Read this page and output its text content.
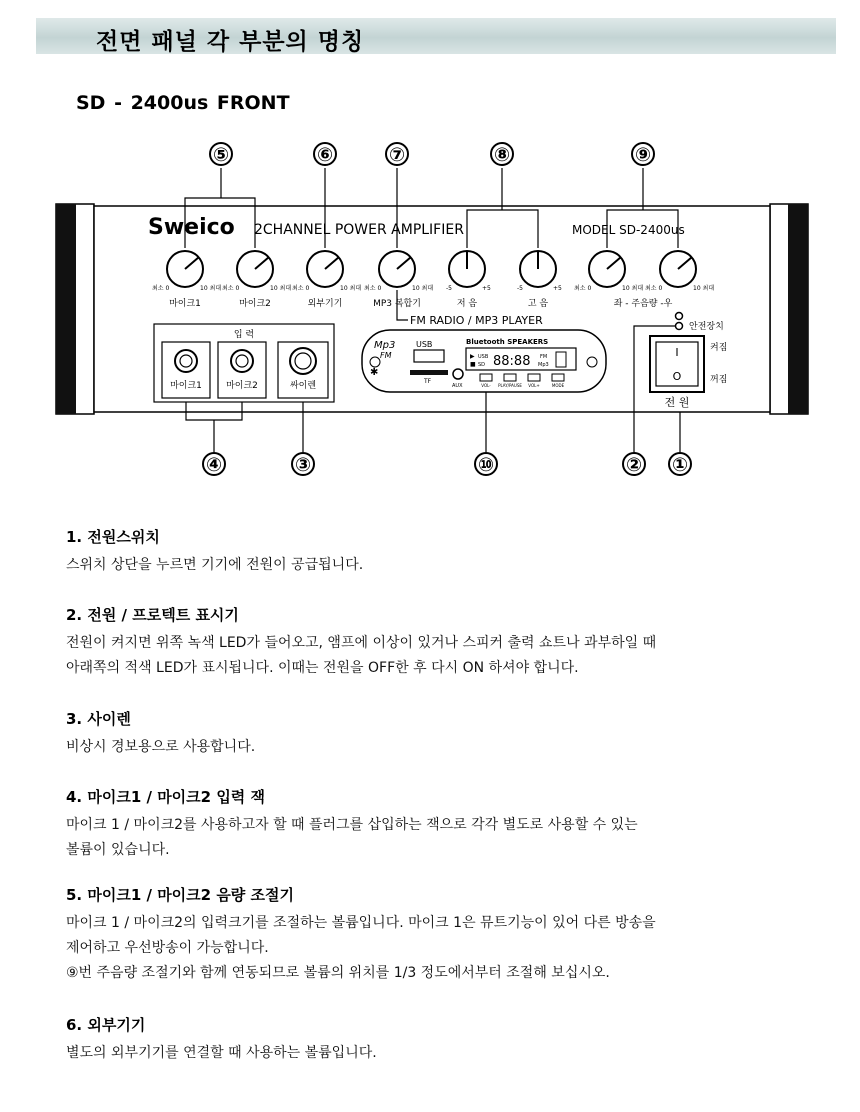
전면 패널 각 부분의 명칭
SD - 2400us FRONT
Sweico 2CHANNEL POWER AMPLIFIER	MODEL SD-2400us
최소 0	10 최대
마이크1
최소 0	10 최대
마이크2
최소 0	10 최대
외부기기
최소 0	10 최대
MP3 복합기
-5	+5
저 음
-5	+5
고 음
최소 0	10 최대 최소 0	10 최대
좌 - 주음량 -우
⑤	⑥	⑦	⑧	⑨
FM RADIO / MP3 PLAYER
입 력
마이크1	마이크2	싸이렌
Mp3
FM
✱
USB
TF
AUX
Bluetooth SPEAKERS
▶ USB
■ SD 88:88 FM
Mp3
VOL- PLAY/PAUSE VOL+	MODE
안전장치
I
O
켜짐
꺼짐
전 원
④	③	⑩	② ①
1. 전원스위치

스위치 상단을 누르면 기기에 전원이 공급됩니다.

2. 전원 / 프로텍트 표시기

전원이 켜지면 위쪽 녹색 LED가 들어오고, 앰프에 이상이 있거나 스피커 출력 쇼트나 과부하일 때

아래쪽의 적색 LED가 표시됩니다. 이때는 전원을 OFF한 후 다시 ON 하셔야 합니다.

3. 사이렌

비상시 경보용으로 사용합니다.

4. 마이크1 / 마이크2 입력 잭

마이크 1 / 마이크2를 사용하고자 할 때 플러그를 삽입하는 잭으로 각각 별도로 사용할 수 있는

볼륨이 있습니다.

5. 마이크1 / 마이크2 음량 조절기

마이크 1 / 마이크2의 입력크기를 조절하는 볼륨입니다. 마이크 1은 뮤트기능이 있어 다른 방송을

제어하고 우선방송이 가능합니다.

⑨번 주음량 조절기와 함께 연동되므로 볼륨의 위치를 1/3 정도에서부터 조절해 보십시오.

6. 외부기기

별도의 외부기기를 연결할 때 사용하는 볼륨입니다.
